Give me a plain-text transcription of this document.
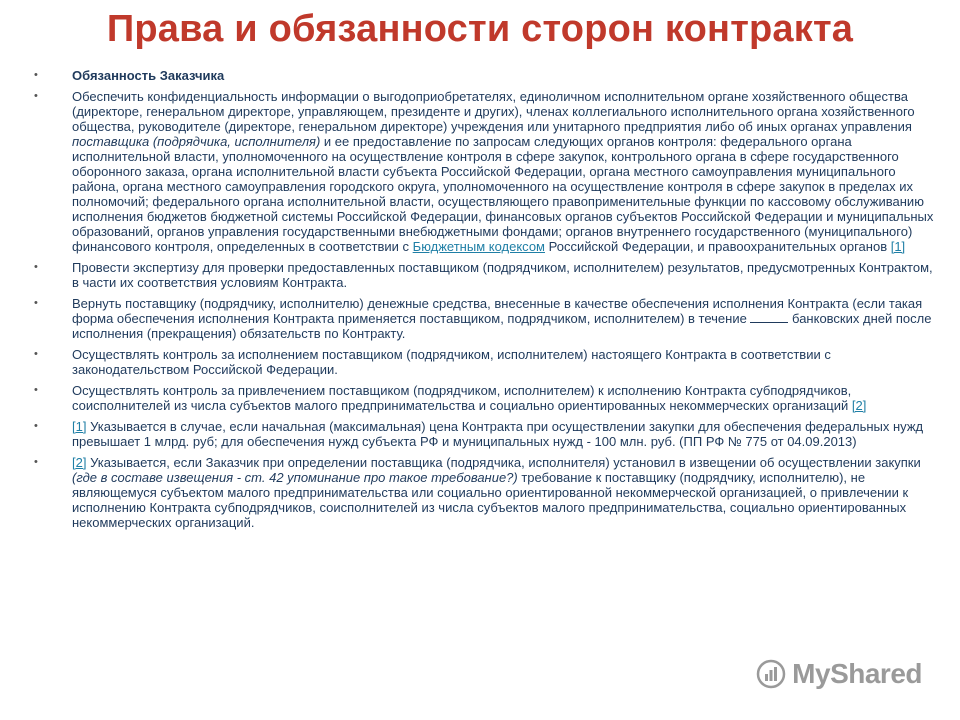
Права и обязанности сторон контракта
• Обязанность Заказчика
• Обеспечить конфиденциальность информации о выгодоприобретателях, единоличном исполнительном органе хозяйственного общества (директоре, генеральном директоре, управляющем, президенте и других), членах коллегиального исполнительного органа хозяйственного общества, руководителе (директоре, генеральном директоре) учреждения или унитарного предприятия либо об иных органах управления поставщика (подрядчика, исполнителя) и ее предоставление по запросам следующих органов контроля: федерального органа исполнительной власти, уполномоченного на осуществление контроля в сфере закупок, контрольного органа в сфере государственного оборонного заказа, органа исполнительной власти субъекта Российской Федерации, органа местного самоуправления муниципального района, органа местного самоуправления городского округа, уполномоченного на осуществление контроля в сфере закупок в пределах их полномочий; федерального органа исполнительной власти, осуществляющего правоприменительные функции по кассовому обслуживанию исполнения бюджетов бюджетной системы Российской Федерации, финансовых органов субъектов Российской Федерации и муниципальных образований, органов управления государственными внебюджетными фондами; органов внутреннего государственного (муниципального) финансового контроля, определенных в соответствии с Бюджетным кодексом Российской Федерации, и правоохранительных органов [1]
• Провести экспертизу для проверки предоставленных поставщиком (подрядчиком, исполнителем) результатов, предусмотренных Контрактом, в части их соответствия условиям Контракта.
• Вернуть поставщику (подрядчику, исполнителю) денежные средства, внесенные в качестве обеспечения исполнения Контракта (если такая форма обеспечения исполнения Контракта применяется поставщиком, подрядчиком, исполнителем) в течение	банковских дней после исполнения (прекращения) обязательств по Контракту.
• Осуществлять контроль за исполнением поставщиком (подрядчиком, исполнителем) настоящего Контракта в соответствии с законодательством Российской Федерации.
• Осуществлять контроль за привлечением поставщиком (подрядчиком, исполнителем) к исполнению Контракта субподрядчиков, соисполнителей из числа субъектов малого предпринимательства и социально ориентированных некоммерческих организаций [2]
• [1] Указывается в случае, если начальная (максимальная) цена Контракта при осуществлении закупки для обеспечения федеральных нужд превышает 1 млрд. руб; для обеспечения нужд субъекта РФ и муниципальных нужд - 100 млн. руб. (ПП РФ № 775 от 04.09.2013)
• [2] Указывается, если Заказчик при определении поставщика (подрядчика, исполнителя) установил в извещении об осуществлении закупки (где в составе извещения - ст. 42 упоминание про такое требование?) требование к поставщику (подрядчику, исполнителю), не являющемуся субъектом малого предпринимательства или социально ориентированной некоммерческой организацией, о привлечении к исполнению Контракта субподрядчиков, соисполнителей из числа субъектов малого предпринимательства, социально ориентированных некоммерческих организаций.
MyShared
